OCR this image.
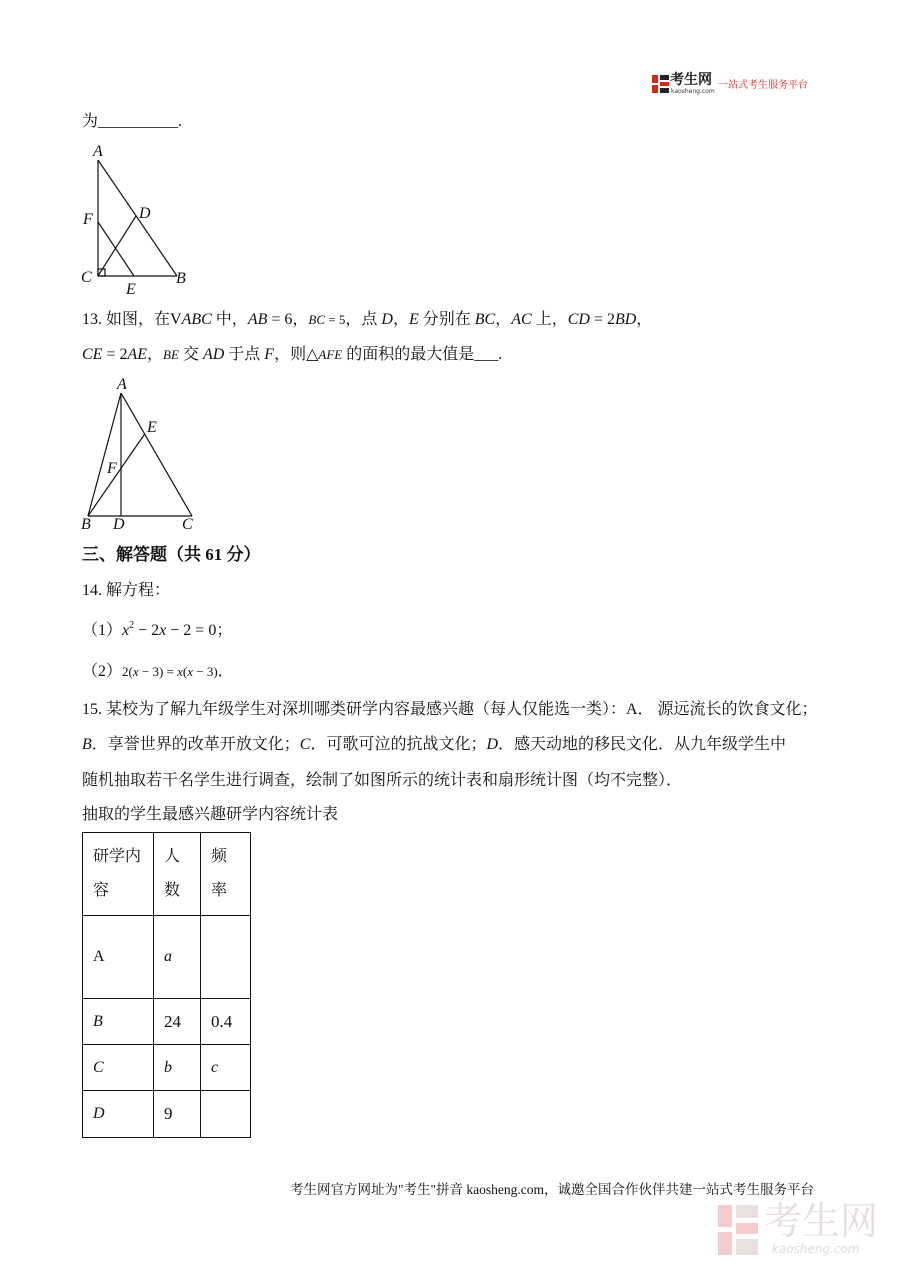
考生网
kaosheng.com
一站式考生服务平台
为__________.
A
F	D
C	B
E
13. 如图，在VABC 中，AB = 6，BC = 5，点 D，E 分别在 BC，AC 上，CD = 2BD，
CE = 2AE，BE 交 AD 于点 F，则△AFE 的面积的最大值是___.
A
E
F
B D	C
三、解答题（共 61 分）
14. 解方程：
$(1)x^2 - 2x - 2 = 0$；
（2）2(x − 3) = x(x − 3)．
15. 某校为了解九年级学生对深圳哪类研学内容最感兴趣（每人仅能选一类）：A． 源远流长的饮食文化；
B．享誉世界的改革开放文化；C．可歌可泣的抗战文化；D．感天动地的移民文化．从九年级学生中
随机抽取若干名学生进行调查，绘制了如图所示的统计表和扇形统计图（均不完整）．
抽取的学生最感兴趣研学内容统计表
研学内容	人数	频率
A	a	
B	24	0.4
C	b	c
D	9	
考生网官方网址为"考生"拼音 kaosheng.com，诚邀全国合作伙伴共建一站式考生服务平台
考生网
kaosheng.com
